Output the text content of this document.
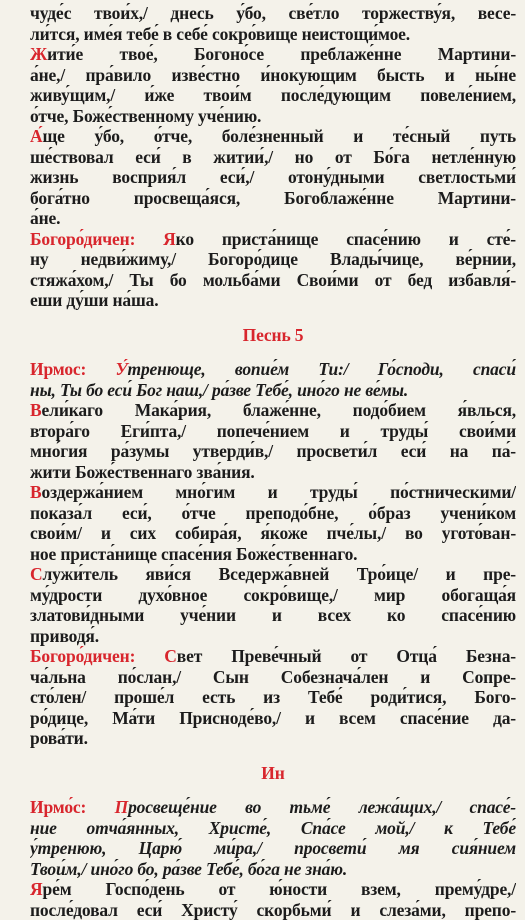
чуде́с твои́х,/ днесь у́бо, све́тло торжеству́я, весе-
ли́тся, име́я тебе́ в себе́ сокро́вище неистощи́мое.
Жити́е твое́, Богоно́се преблаже́нне Мартини-
а́не,/ пра́вило изве́стно и́нокующим бысть и ны́не
живу́щим,/ и́же твои́м после́дующим повеле́нием,
о́тче, Боже́ственному уче́нию.
А́ще у́бо, о́тче, боле́зненный и те́сный путь
ше́ствовал еси́ в житии́,/ но от Бо́га нетле́нную
жизнь восприя́л еси́,/ отону́дными светлостьми́
бога́тно просвеща́яся, Богоблаже́нне Мартини-
а́не.
Богоро́дичен: Яко приста́нище спасе́нию и сте́-
ну недви́жиму,/ Богоро́дице Влады́чице, ве́рнии,
стяжа́хом,/ Ты бо мольба́ми Свои́ми от бед избавля́-
еши ду́ши на́ша.
Песнь 5
Ирмос: У́тренюще, вопие́м Ти:/ Го́споди, спаси́
ны, Ты бо еси́ Бог наш,/ ра́зве Тебе́, ино́го не ве́мы.
Вели́каго Мака́рия, блаже́нне, подо́бием я́влься,
втора́го Еги́пта,/ попече́нием и труды́ свои́ми
мно́гия ра́зумы утверди́в,/ просвети́л еси́ на па́-
жити Боже́ственнаго зва́ния.
Воздержа́нием мно́гим и труды́ по́стническими/
показа́л еси́, о́тче преподо́бне, о́браз учени́ком
свои́м/ и сих собира́я, я́коже пче́лы,/ во угото́ван-
ное приста́нище спасе́ния Боже́ственнаго.
Служи́тель яви́ся Вседержа́вней Тро́ице/ и пре-
му́дрости духо́вное сокро́вище,/ мир обогаща́я
златови́дными уче́нии и всех ко спасе́нию
приводя́.
Богоро́дичен: Свет Преве́чный от Отца́ Безна-
ча́льна по́слан,/ Сын Собезнача́лен и Сопре-
сто́лен/ проше́л есть из Тебе́ роди́тися, Бого-
ро́дице, Ма́ти Присноде́во,/ и всем спасе́ние да-
рова́ти.
Ин
Ирмо́с: Просвеще́ние во тьме́ лежа́щих,/ спасе́-
ние отча́янных, Христе́, Спа́се мой,/ к Тебе́
у́тренюю, Царю́ ми́ра,/ просвети́ мя сия́нием
Твои́м,/ ино́го бо, ра́зве Тебе́, бо́га не зна́ю.
Яре́м Госпо́день от ю́ности взем, прему́дре,/
после́довал еси́ Христу́ скорбьми́ и слеза́ми, препо-
